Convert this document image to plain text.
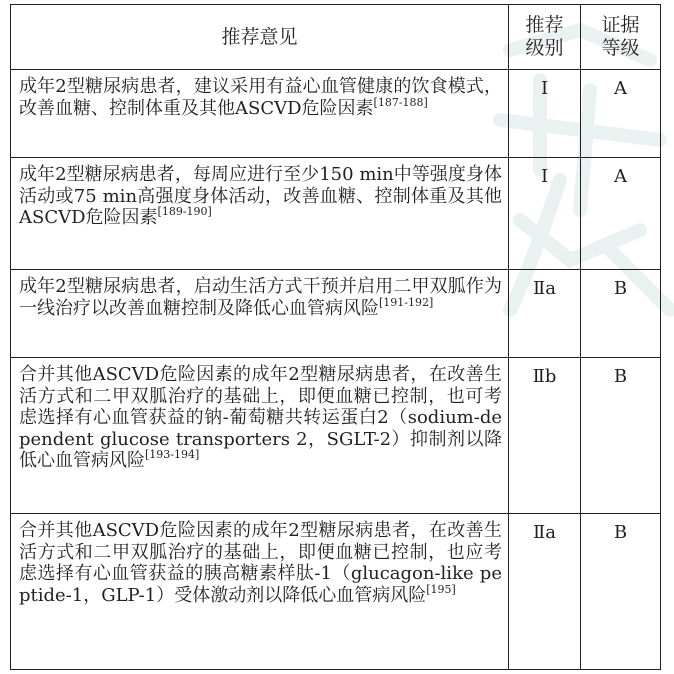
推荐意见	推荐级别	证据等级
成年2型糖尿病患者，建议采用有益心血管健康的饮食模式，改善血糖、控制体重及其他ASCVD危险因素[187-188]	Ⅰ	A
成年2型糖尿病患者，每周应进行至少150 min中等强度身体活动或75 min高强度身体活动，改善血糖、控制体重及其他ASCVD危险因素[189-190]	Ⅰ	A
成年2型糖尿病患者，启动生活方式干预并启用二甲双胍作为一线治疗以改善血糖控制及降低心血管病风险[191-192]	Ⅱa	B
合并其他ASCVD危险因素的成年2型糖尿病患者，在改善生活方式和二甲双胍治疗的基础上，即便血糖已控制，也可考虑选择有心血管获益的钠-葡萄糖共转运蛋白2（sodium-dependent glucose transporters 2，SGLT-2）抑制剂以降低心血管病风险[193-194]	Ⅱb	B
合并其他ASCVD危险因素的成年2型糖尿病患者，在改善生活方式和二甲双胍治疗的基础上，即便血糖已控制，也应考虑选择有心血管获益的胰高糖素样肽-1（glucagon-like peptide-1，GLP-1）受体激动剂以降低心血管病风险[195]	Ⅱa	B
